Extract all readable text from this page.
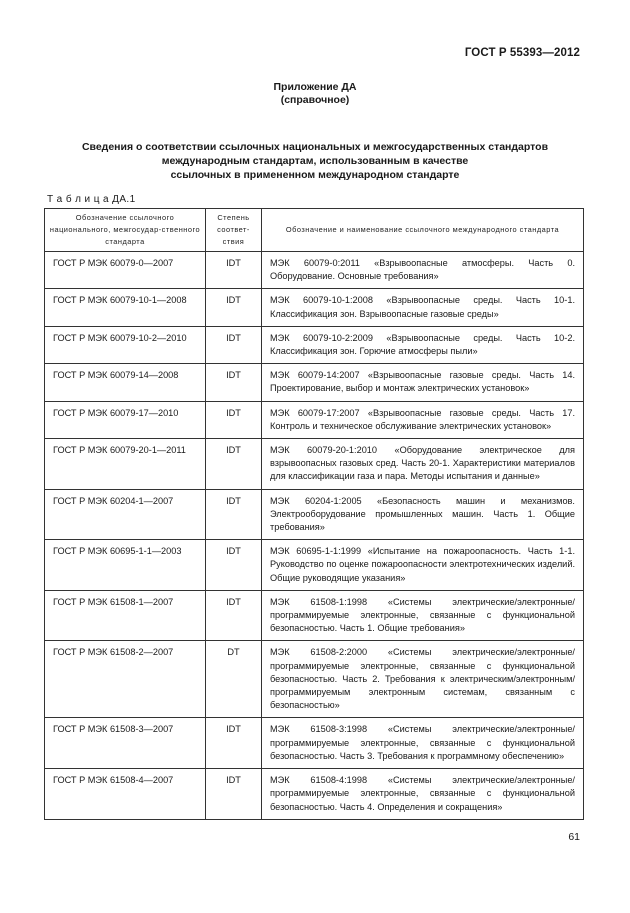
ГОСТ Р 55393—2012
Приложение ДА
(справочное)
Сведения о соответствии ссылочных национальных и межгосударственных стандартов
международным стандартам, использованным в качестве
ссылочных в примененном международном стандарте
Т а б л и ц а ДА.1
Обозначение ссылочного национального, межгосудар-ственного стандарта	Степень соответ-ствия	Обозначение и наименование ссылочного международного стандарта
ГОСТ Р МЭК 60079-0—2007	IDT	МЭК 60079-0:2011 «Взрывоопасные атмосферы. Часть 0. Оборудование. Основные требования»
ГОСТ Р МЭК 60079-10-1—2008	IDT	МЭК 60079-10-1:2008 «Взрывоопасные среды. Часть 10-1. Классификация зон. Взрывоопасные газовые среды»
ГОСТ Р МЭК 60079-10-2—2010	IDT	МЭК 60079-10-2:2009 «Взрывоопасные среды. Часть 10-2. Классификация зон. Горючие атмосферы пыли»
ГОСТ Р МЭК 60079-14—2008	IDT	МЭК 60079-14:2007 «Взрывоопасные газовые среды. Часть 14. Проектирование, выбор и монтаж электрических установок»
ГОСТ Р МЭК 60079-17—2010	IDT	МЭК 60079-17:2007 «Взрывоопасные газовые среды. Часть 17. Контроль и техническое обслуживание электрических установок»
ГОСТ Р МЭК 60079-20-1—2011	IDT	МЭК 60079-20-1:2010 «Оборудование электрическое для взрывоопасных газовых сред. Часть 20-1. Характеристики материалов для классификации газа и пара. Методы испытания и данные»
ГОСТ Р МЭК 60204-1—2007	IDT	МЭК 60204-1:2005 «Безопасность машин и механизмов. Электрооборудование промышленных машин. Часть 1. Общие требования»
ГОСТ Р МЭК 60695-1-1—2003	IDT	МЭК 60695-1-1:1999 «Испытание на пожароопасность. Часть 1-1. Руководство по оценке пожароопасности электротехнических изделий. Общие руководящие указания»
ГОСТ Р МЭК 61508-1—2007	IDT	МЭК 61508-1:1998 «Системы электрические/электронные/программируемые электронные, связанные с функциональной безопасностью. Часть 1. Общие требования»
ГОСТ Р МЭК 61508-2—2007	DT	МЭК 61508-2:2000 «Системы электрические/электронные/программируемые электронные, связанные с функциональной безопасностью. Часть 2. Требования к электрическим/электронным/программируемым электронным системам, связанным с безопасностью»
ГОСТ Р МЭК 61508-3—2007	IDT	МЭК 61508-3:1998 «Системы электрические/электронные/программируемые электронные, связанные с функциональной безопасностью. Часть 3. Требования к программному обеспечению»
ГОСТ Р МЭК 61508-4—2007	IDT	МЭК 61508-4:1998 «Системы электрические/электронные/программируемые электронные, связанные с функциональной безопасностью. Часть 4. Определения и сокращения»
61
